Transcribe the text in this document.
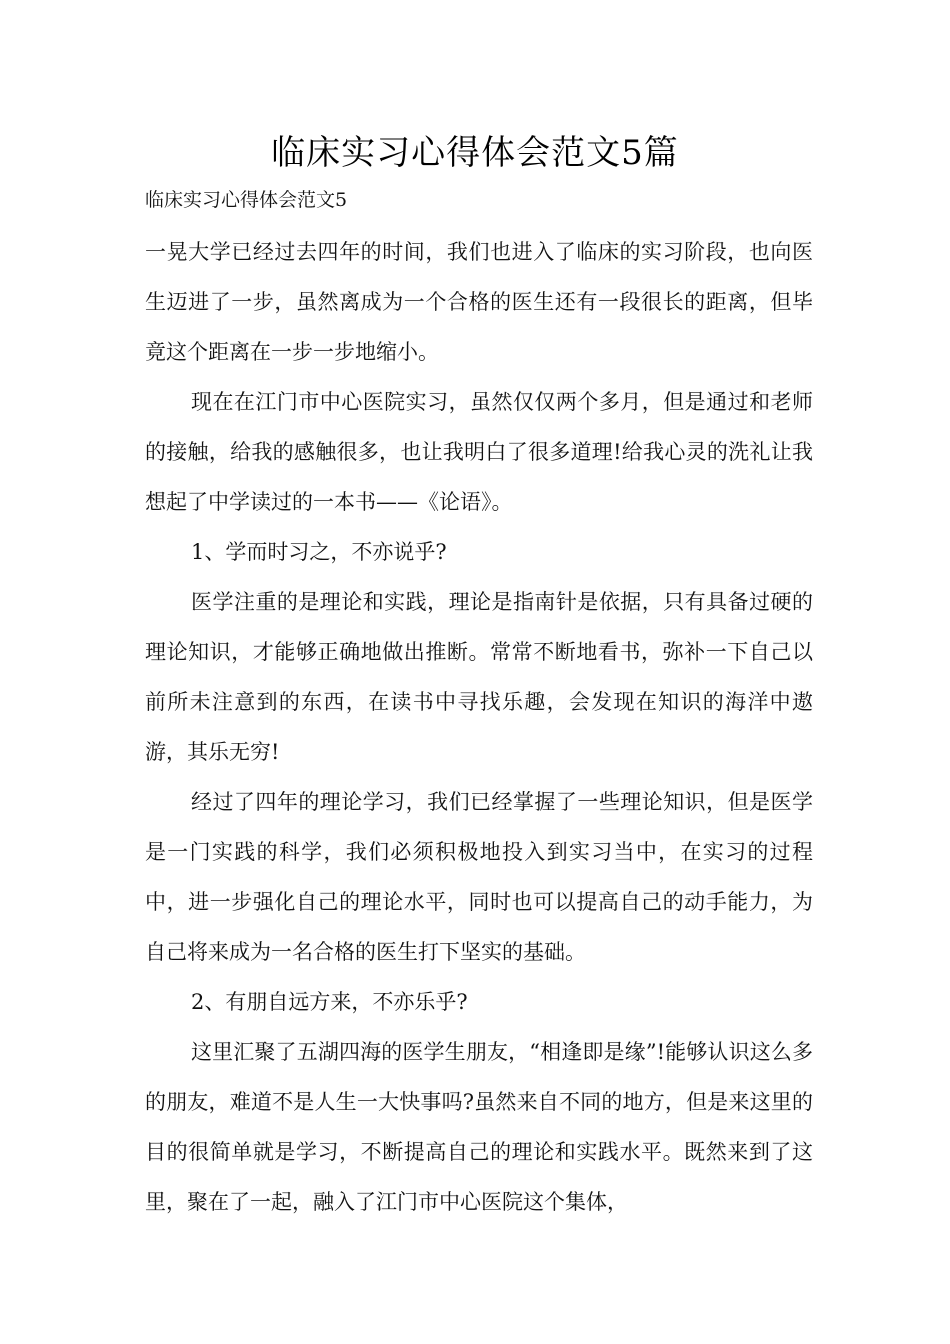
临床实习心得体会范文5篇
临床实习心得体会范文5

一晃大学已经过去四年的时间，我们也进入了临床的实习阶段，也向医生迈进了一步，虽然离成为一个合格的医生还有一段很长的距离，但毕竟这个距离在一步一步地缩小。

现在在江门市中心医院实习，虽然仅仅两个多月，但是通过和老师的接触，给我的感触很多，也让我明白了很多道理!给我心灵的洗礼让我想起了中学读过的一本书——《论语》。

1、学而时习之，不亦说乎?

医学注重的是理论和实践，理论是指南针是依据，只有具备过硬的理论知识，才能够正确地做出推断。常常不断地看书，弥补一下自己以前所未注意到的东西，在读书中寻找乐趣，会发现在知识的海洋中遨游，其乐无穷!

经过了四年的理论学习，我们已经掌握了一些理论知识，但是医学是一门实践的科学，我们必须积极地投入到实习当中，在实习的过程中，进一步强化自己的理论水平，同时也可以提高自己的动手能力，为自己将来成为一名合格的医生打下坚实的基础。

2、有朋自远方来，不亦乐乎?

这里汇聚了五湖四海的医学生朋友，“相逢即是缘”!能够认识这么多的朋友，难道不是人生一大快事吗?虽然来自不同的地方，但是来这里的目的很简单就是学习，不断提高自己的理论和实践水平。既然来到了这里，聚在了一起，融入了江门市中心医院这个集体，
